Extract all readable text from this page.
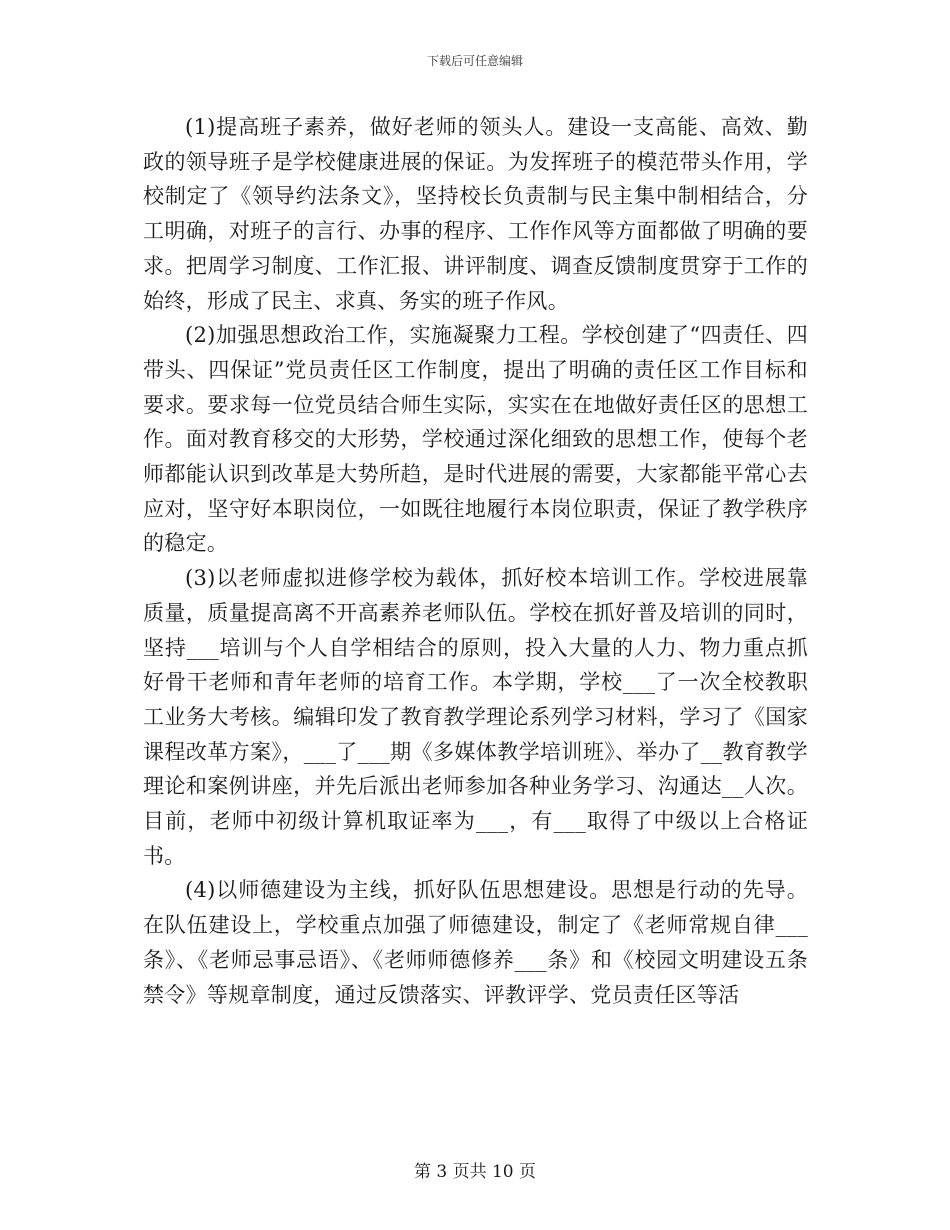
下载后可任意编辑

(1)提高班子素养，做好老师的领头人。建设一支高能、高效、勤政的领导班子是学校健康进展的保证。为发挥班子的模范带头作用，学校制定了《领导约法条文》，坚持校长负责制与民主集中制相结合，分工明确，对班子的言行、办事的程序、工作作风等方面都做了明确的要求。把周学习制度、工作汇报、讲评制度、调查反馈制度贯穿于工作的始终，形成了民主、求真、务实的班子作风。

(2)加强思想政治工作，实施凝聚力工程。学校创建了“四责任、四带头、四保证”党员责任区工作制度，提出了明确的责任区工作目标和要求。要求每一位党员结合师生实际，实实在在地做好责任区的思想工作。面对教育移交的大形势，学校通过深化细致的思想工作，使每个老师都能认识到改革是大势所趋，是时代进展的需要，大家都能平常心去应对，坚守好本职岗位，一如既往地履行本岗位职责，保证了教学秩序的稳定。

(3)以老师虚拟进修学校为载体，抓好校本培训工作。学校进展靠质量，质量提高离不开高素养老师队伍。学校在抓好普及培训的同时，坚持___培训与个人自学相结合的原则，投入大量的人力、物力重点抓好骨干老师和青年老师的培育工作。本学期，学校___了一次全校教职工业务大考核。编辑印发了教育教学理论系列学习材料，学习了《国家课程改革方案》，___了___期《多媒体教学培训班》、举办了__教育教学理论和案例讲座，并先后派出老师参加各种业务学习、沟通达__人次。目前，老师中初级计算机取证率为___，有___取得了中级以上合格证书。

(4)以师德建设为主线，抓好队伍思想建设。思想是行动的先导。在队伍建设上，学校重点加强了师德建设，制定了《老师常规自律___条》、《老师忌事忌语》、《老师师德修养___条》和《校园文明建设五条禁令》等规章制度，通过反馈落实、评教评学、党员责任区等活

第 3 页共 10 页
